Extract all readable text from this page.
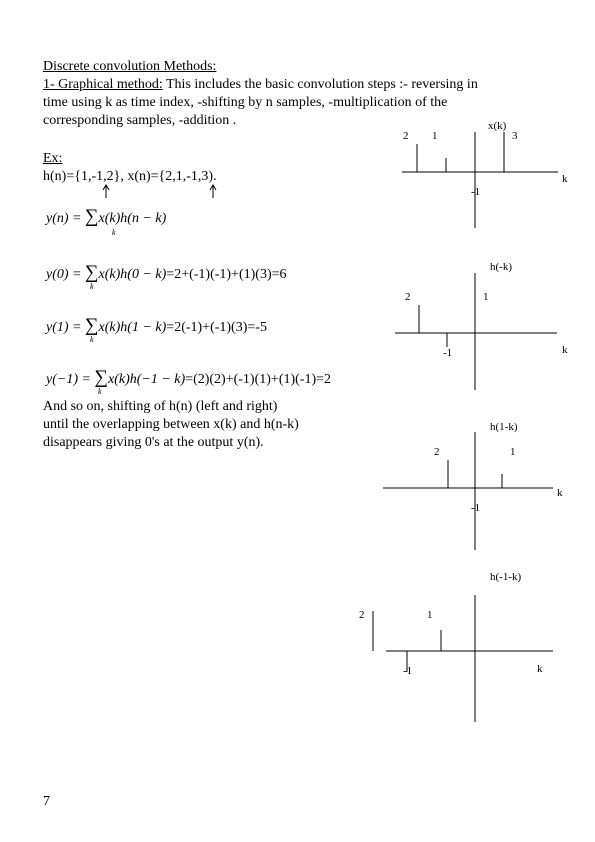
Discrete convolution Methods:
1- Graphical method: This includes the basic convolution steps :- reversing in
time using k as time index, -shifting by n samples, -multiplication of the
corresponding samples, -addition .
Ex:
h(n)={1,-1,2}, x(n)={2,1,-1,3).
y(n) = ∑x(k)h(n − k)
k
y(0) = ∑x(k)h(0 − k)=2+(-1)(-1)+(1)(3)=6
k
y(1) = ∑x(k)h(1 − k)=2(-1)+(-1)(3)=-5
k
y(−1) = ∑x(k)h(−1 − k)=(2)(2)+(-1)(1)+(1)(-1)=2
k
And so on, shifting of h(n) (left and right)
until the overlapping between x(k) and h(n-k)
disappears giving 0's at the output y(n).
2 1
-1
3
x(k)
k
2
-1
1
h(-k)
k
2
-1
1
h(1-k)
k
2
-1
1
h(-1-k)
k
7
